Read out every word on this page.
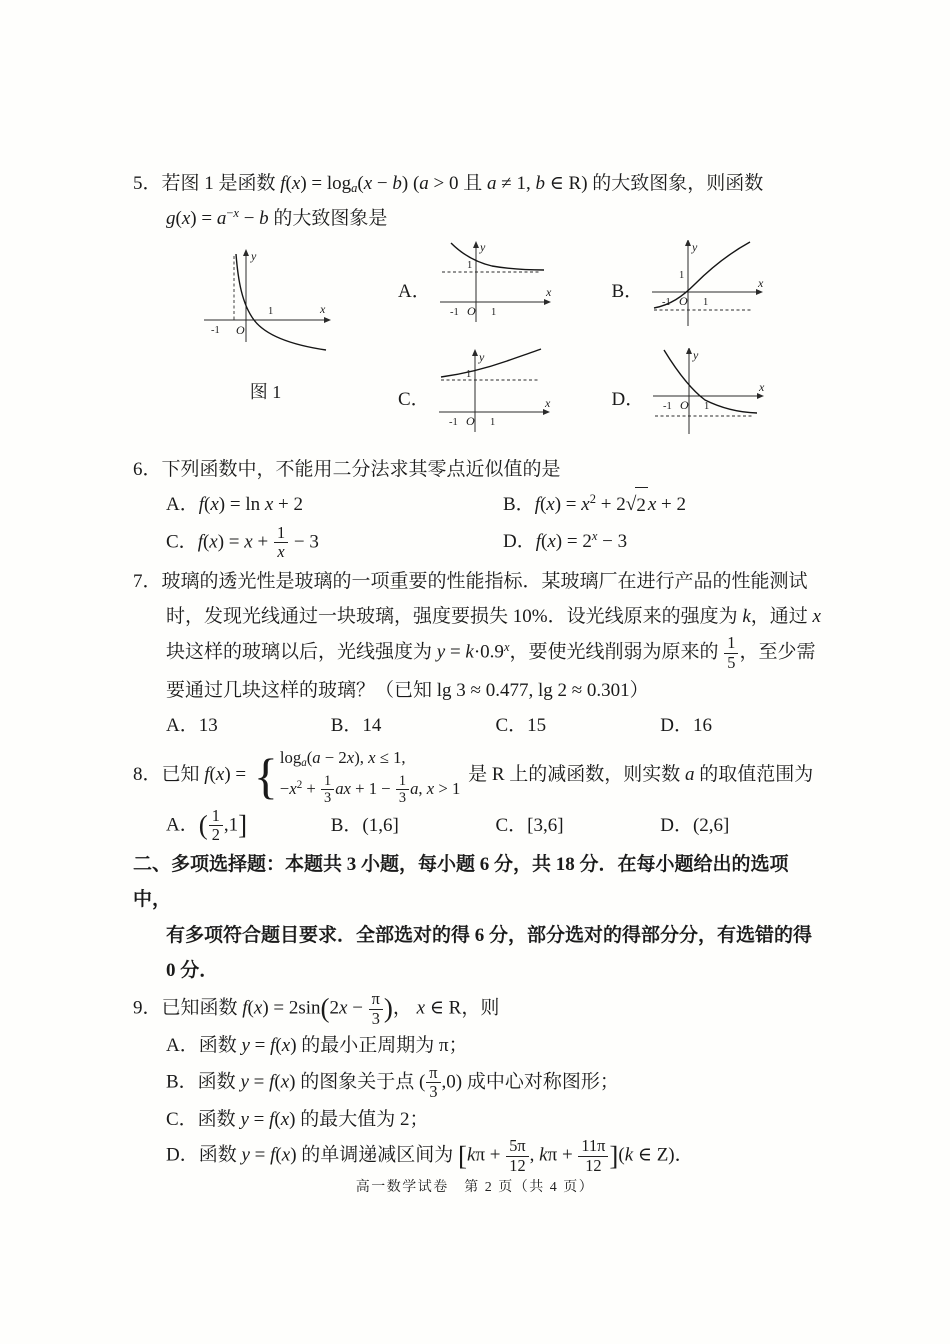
5．若图 1 是函数 $f(x) = \log_a(x - b) (a > 0$ 且 a ≠ 1, b ∈ R) 的大致图象，则函数
$g(x) = a^{-x} - b$ 的大致图象是
1
-1 O
x
y
图 1
A．
1
-1 O 1
x
y
B．
1
-1 O 1
x
y
C．
1
-1 O 1
x
y
D． -1 O 1
x
y
6．下列函数中，不能用二分法求其零点近似值的是
A．f(x) = ln x + 2	B．$f(x) = x^2 + 2$ √ 2 x + 2
C．$f(x) = x + \frac{1}{x} - 3$	D．$f(x) = 2^x - 3$
7．玻璃的透光性是玻璃的一项重要的性能指标．某玻璃厂在进行产品的性能测试
时，发现光线通过一块玻璃，强度要损失 10%．设光线原来的强度为 k，通过 x
块这样的玻璃以后，光线强度为 $y = k\cdot 0.9^x$，要使光线削弱为原来的 $\frac{1}{5}$ ，至少需
要通过几块这样的玻璃？（已知 lg 3 ≈ 0.477, lg 2 ≈ 0.301）
A．13	B．14	C．15	D．16
8．已知 f(x) = { $\log_a(a - 2x)$, x ≤ 1,
$-x^2 + \frac{1}{3}$ ax + $1 - \frac{1}{3} a$, x > 1
是 R 上的减函数，则实数 a 的取值范围为
A．( $\frac{1}{2} ,1$]	B．(1,6]	C．[3,6]	D．(2,6]
二、多项选择题：本题共 3 小题，每小题 6 分，共 18 分．在每小题给出的选项中，
有多项符合题目要求．全部选对的得 6 分，部分选对的得部分分，有选错的得
0 分．
9．已知函数 $f(x) = 2\sin(2x - \frac{\pi}{3}$ )， x ∈ R，则
A．函数 y = f(x) 的最小正周期为 π；
B．函数 y = f(x) 的图象关于点 ( $\frac{\pi}{3} ,0$) 成中心对称图形；
C．函数 y = f(x) 的最大值为 2；
D．函数 y = f(x) 的单调递减区间为 [$k\pi + \frac{5\pi}{12}$ , $k\pi + \frac{11\pi}{12} ](k$ ∈ Z)．
高一数学试卷　第 2 页（共 4 页）
